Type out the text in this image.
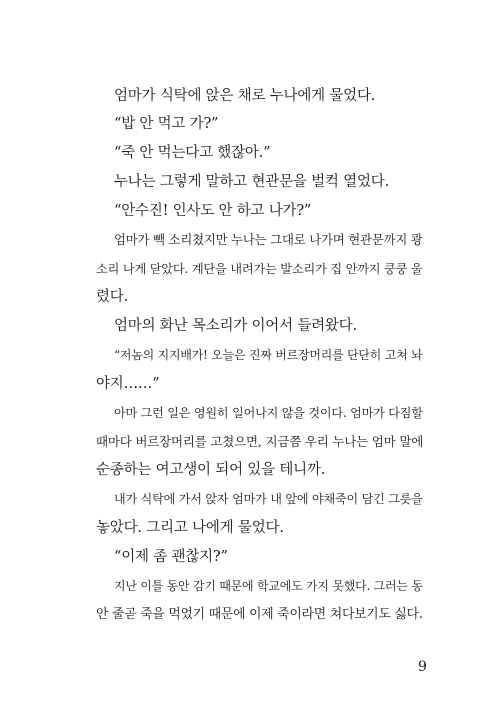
엄마가 식탁에 앉은 채로 누나에게 물었다.
“밥 안 먹고 가?”
“죽 안 먹는다고 했잖아.”
누나는 그렇게 말하고 현관문을 벌컥 열었다.
“안수진! 인사도 안 하고 나가?”
엄마가 빽 소리쳤지만 누나는 그대로 나가며 현관문까지 쾅
소리 나게 닫았다. 계단을 내려가는 발소리가 집 안까지 쿵쿵 울
렸다.
엄마의 화난 목소리가 이어서 들려왔다.
“저놈의 지지배가! 오늘은 진짜 버르장머리를 단단히 고쳐 놔
야지……”
아마 그런 일은 영원히 일어나지 않을 것이다. 엄마가 다짐할
때마다 버르장머리를 고쳤으면, 지금쯤 우리 누나는 엄마 말에
순종하는 여고생이 되어 있을 테니까.
내가 식탁에 가서 앉자 엄마가 내 앞에 야채죽이 담긴 그릇을
놓았다. 그리고 나에게 물었다.
“이제 좀 괜찮지?”
지난 이틀 동안 감기 때문에 학교에도 가지 못했다. 그러는 동
안 줄곧 죽을 먹었기 때문에 이제 죽이라면 쳐다보기도 싫다.
9
